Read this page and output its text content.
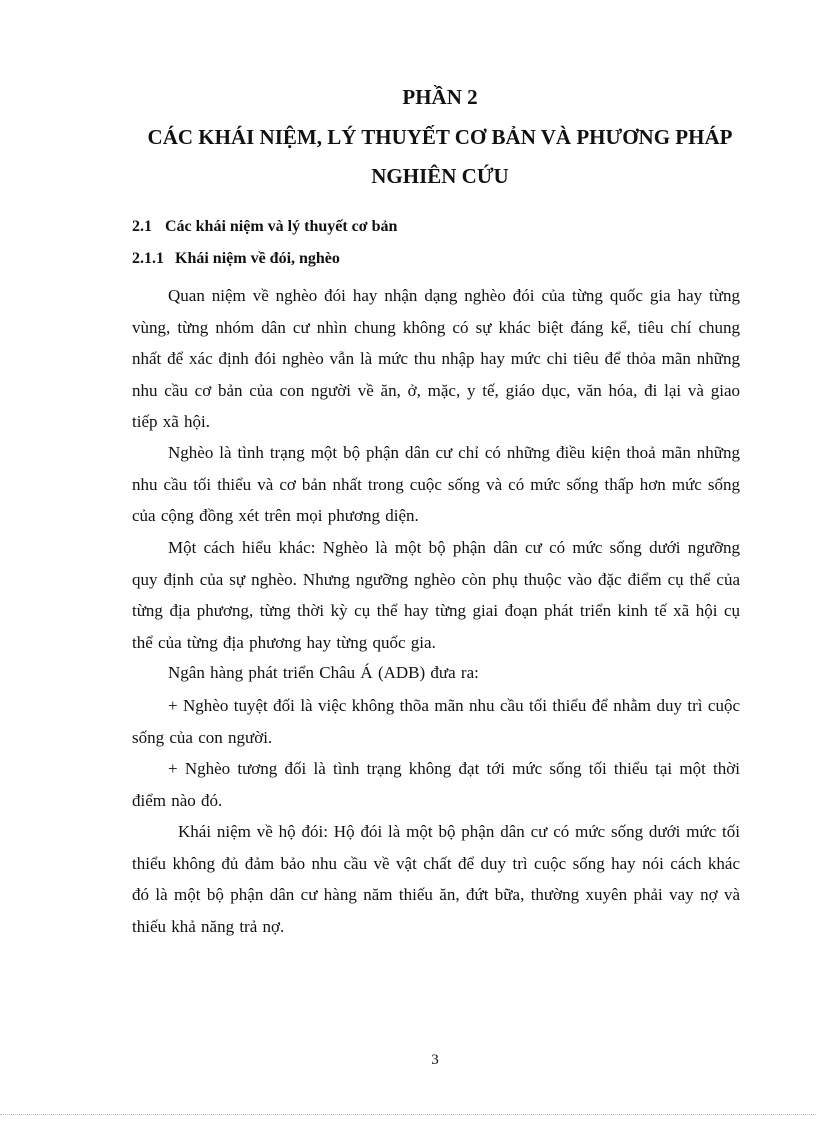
PHẦN 2
CÁC KHÁI NIỆM, LÝ THUYẾT CƠ BẢN VÀ PHƯƠNG PHÁP
NGHIÊN CỨU
2.1 Các khái niệm và lý thuyết cơ bản
2.1.1 Khái niệm về đói, nghèo

Quan niệm về nghèo đói hay nhận dạng nghèo đói của từng quốc gia hay từng vùng, từng nhóm dân cư nhìn chung không có sự khác biệt đáng kể, tiêu chí chung nhất để xác định đói nghèo vẫn là mức thu nhập hay mức chi tiêu để thỏa mãn những nhu cầu cơ bản của con người về ăn, ở, mặc, y tế, giáo dục, văn hóa, đi lại và giao tiếp xã hội.

Nghèo là tình trạng một bộ phận dân cư chỉ có những điều kiện thoả mãn những nhu cầu tối thiểu và cơ bản nhất trong cuộc sống và có mức sống thấp hơn mức sống của cộng đồng xét trên mọi phương diện.

Một cách hiểu khác: Nghèo là một bộ phận dân cư có mức sống dưới ngưỡng quy định của sự nghèo. Nhưng ngưỡng nghèo còn phụ thuộc vào đặc điểm cụ thể của từng địa phương, từng thời kỳ cụ thể hay từng giai đoạn phát triển kinh tế xã hội cụ thể của từng địa phương hay từng quốc gia.

Ngân hàng phát triển Châu Á (ADB) đưa ra:

+ Nghèo tuyệt đối là việc không thõa mãn nhu cầu tối thiểu để nhằm duy trì cuộc sống của con người.

+ Nghèo tương đối là tình trạng không đạt tới mức sống tối thiểu tại một thời điểm nào đó.

Khái niệm về hộ đói: Hộ đói là một bộ phận dân cư có mức sống dưới mức tối thiểu không đủ đảm bảo nhu cầu về vật chất để duy trì cuộc sống hay nói cách khác đó là một bộ phận dân cư hàng năm thiếu ăn, đứt bữa, thường xuyên phải vay nợ và thiếu khả năng trả nợ.

3
